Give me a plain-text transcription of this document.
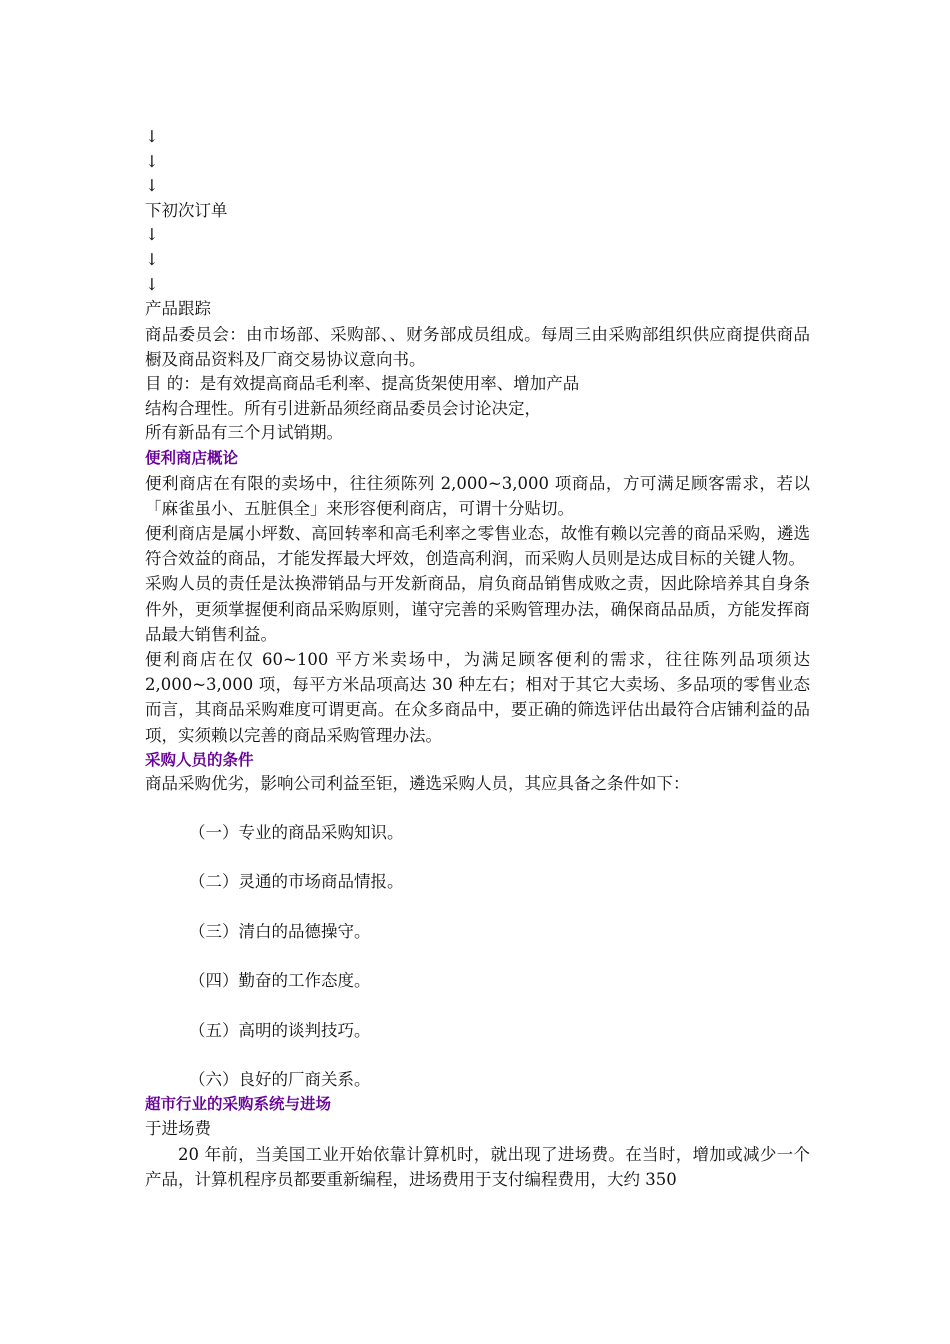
↓
↓
↓
下初次订单
↓
↓
↓
产品跟踪
商品委员会：由市场部、采购部、、财务部成员组成。每周三由采购部组织供应商提供商品橱及商品资料及厂商交易协议意向书。
目 的：是有效提高商品毛利率、提高货架使用率、增加产品
结构合理性。所有引进新品须经商品委员会讨论决定，
所有新品有三个月试销期。
便利商店概论
便利商店在有限的卖场中，往往须陈列 2,000~3,000 项商品，方可满足顾客需求，若以「麻雀虽小、五脏俱全」来形容便利商店，可谓十分贴切。
便利商店是属小坪数、高回转率和高毛利率之零售业态，故惟有赖以完善的商品采购，遴选符合效益的商品，才能发挥最大坪效，创造高利润，而采购人员则是达成目标的关键人物。
采购人员的责任是汰换滞销品与开发新商品，肩负商品销售成败之责，因此除培养其自身条件外，更须掌握便利商品采购原则，谨守完善的采购管理办法，确保商品品质，方能发挥商品最大销售利益。
便利商店在仅 60~100 平方米卖场中，为满足顾客便利的需求，往往陈列品项须达 2,000~3,000 项，每平方米品项高达 30 种左右；相对于其它大卖场、多品项的零售业态而言，其商品采购难度可谓更高。在众多商品中，要正确的筛选评估出最符合店铺利益的品项，实须赖以完善的商品采购管理办法。
采购人员的条件
商品采购优劣，影响公司利益至钜，遴选采购人员，其应具备之条件如下：
（一）专业的商品采购知识。
（二）灵通的市场商品情报。
（三）清白的品德操守。
（四）勤奋的工作态度。
（五）高明的谈判技巧。
（六）良好的厂商关系。
超市行业的采购系统与进场
于进场费
20 年前，当美国工业开始依靠计算机时，就出现了进场费。在当时，增加或减少一个产品，计算机程序员都要重新编程，进场费用于支付编程费用，大约 350
